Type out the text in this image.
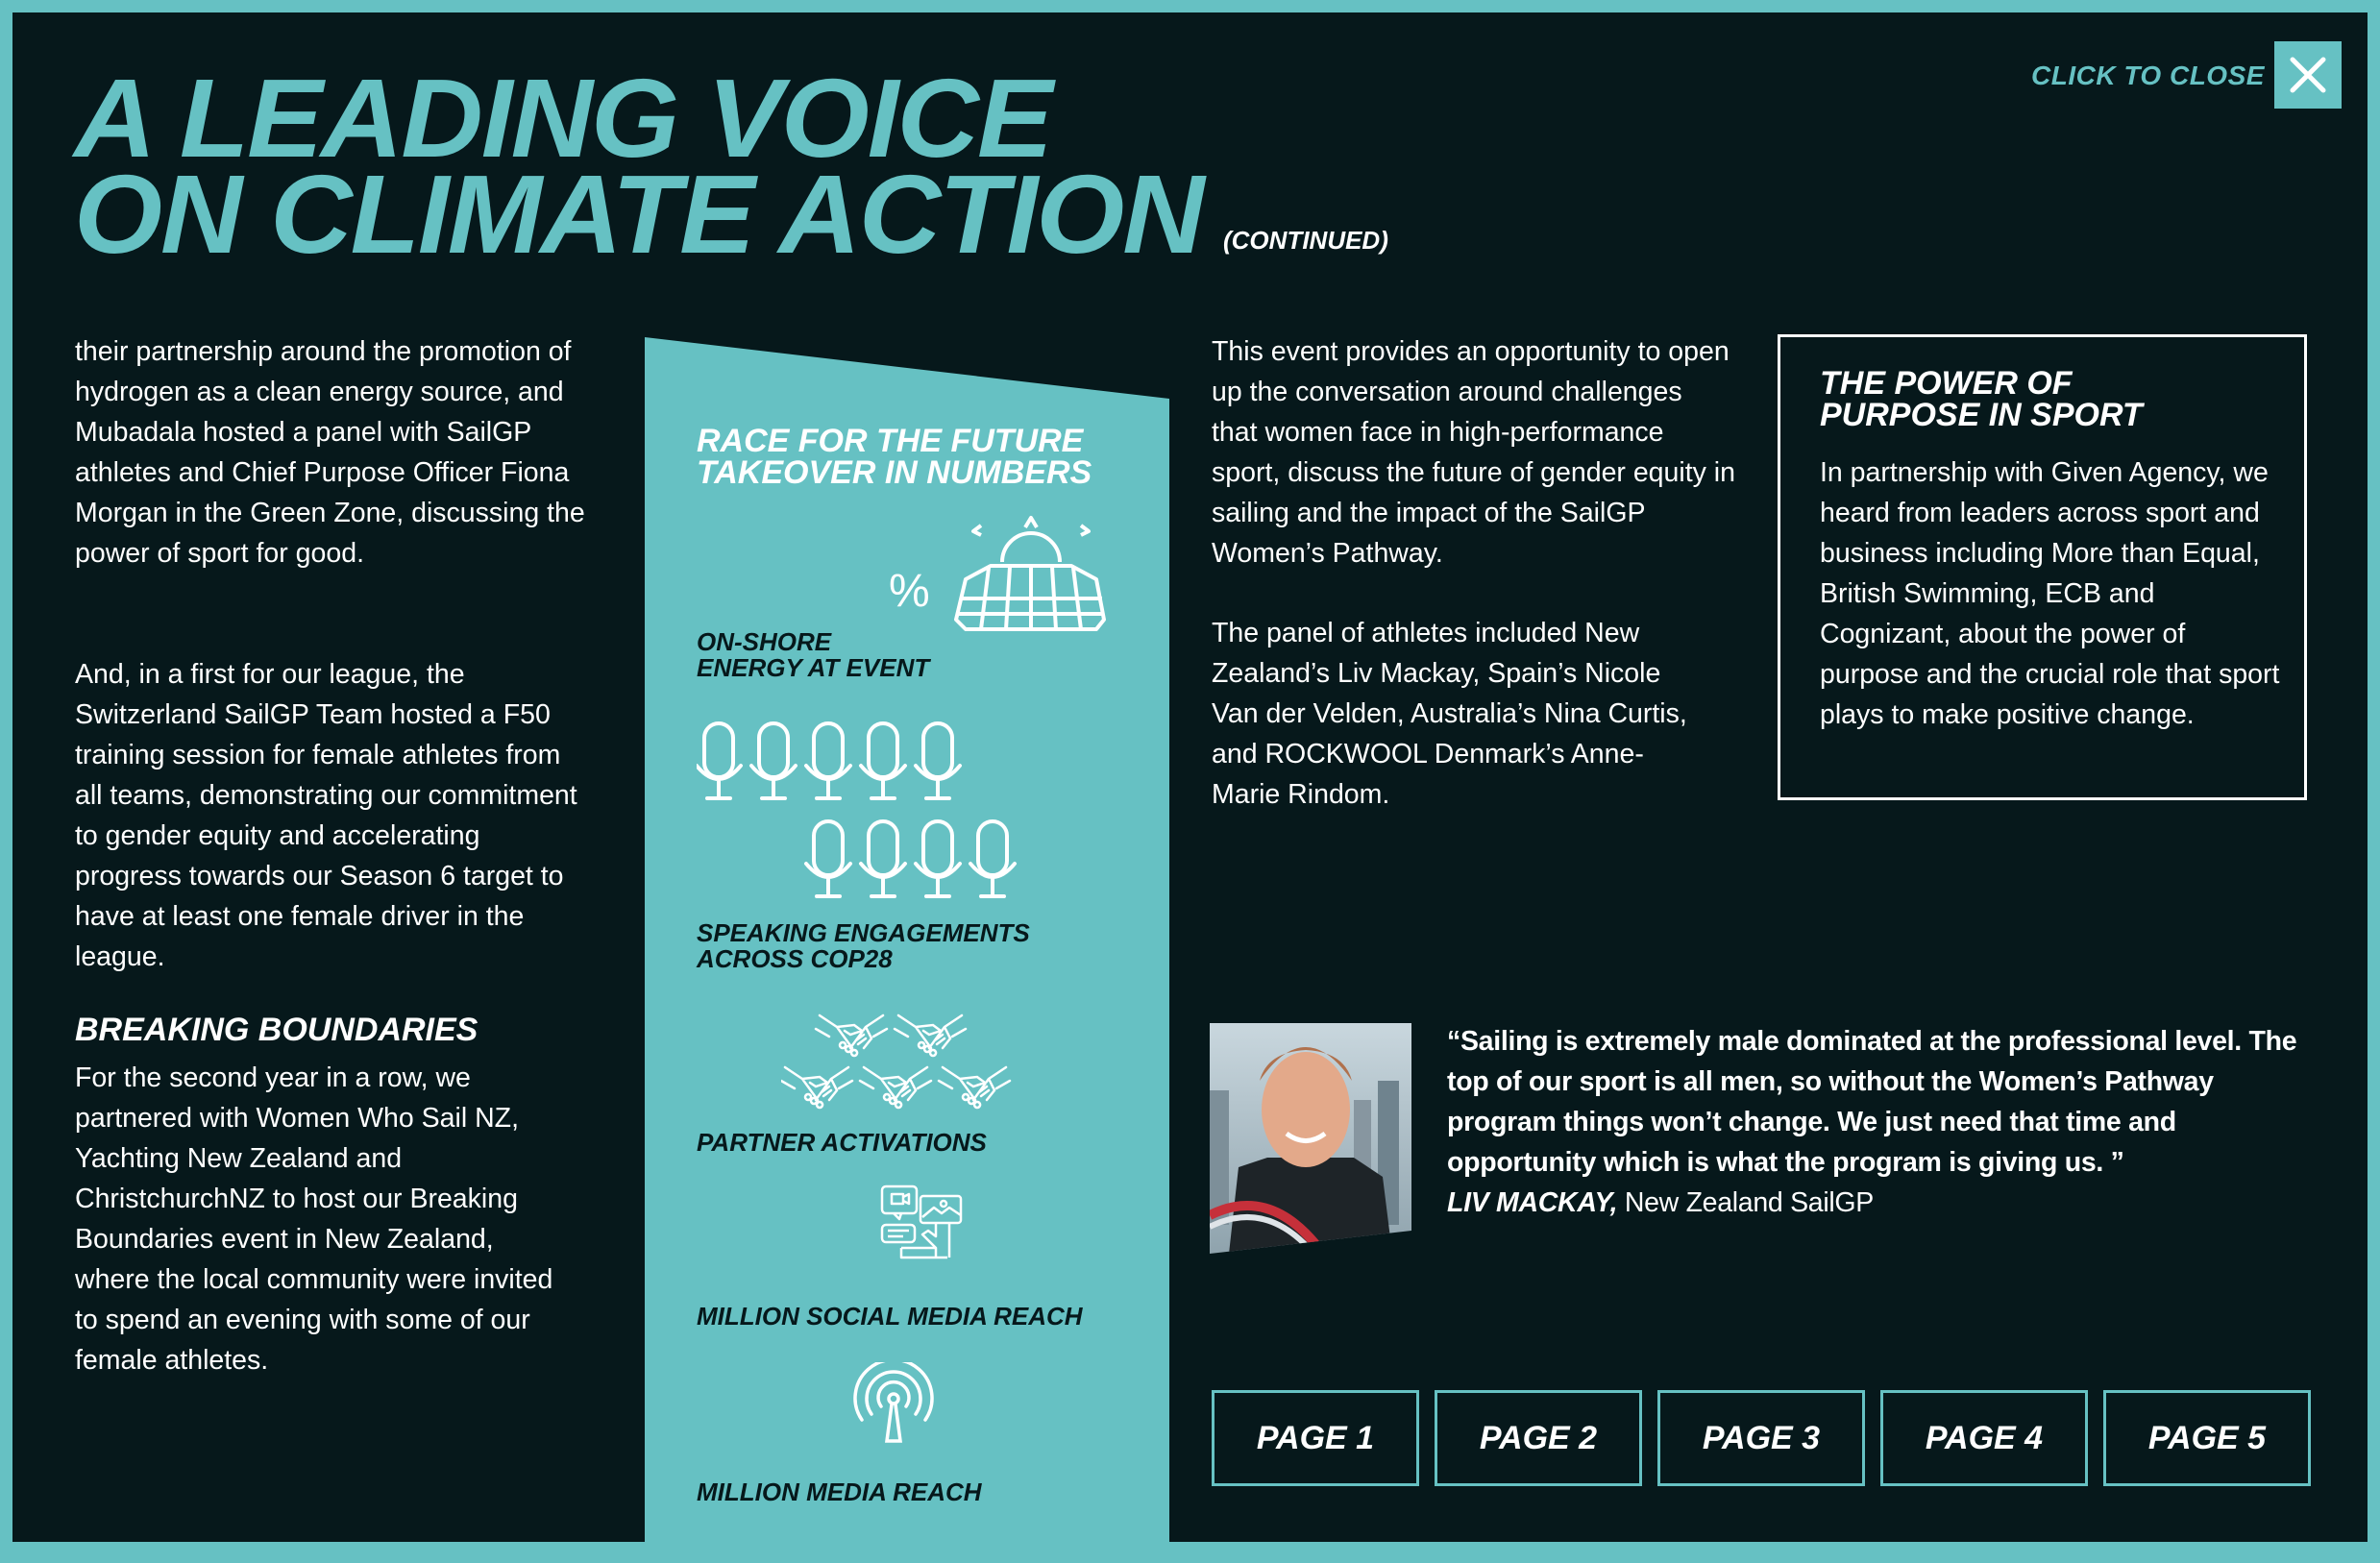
A LEADING VOICE
ON CLIMATE ACTION (CONTINUED)
CLICK TO CLOSE
their partnership around the promotion of hydrogen as a clean energy source, and Mubadala hosted a panel with SailGP athletes and Chief Purpose Officer Fiona Morgan in the Green Zone, discussing the power of sport for good.
And, in a first for our league, the Switzerland SailGP Team hosted a F50 training session for female athletes from all teams, demonstrating our commitment to gender equity and accelerating progress towards our Season 6 target to have at least one female driver in the league.
BREAKING BOUNDARIES
For the second year in a row, we partnered with Women Who Sail NZ, Yachting New Zealand and ChristchurchNZ to host our Breaking Boundaries event in New Zealand, where the local community were invited to spend an evening with some of our female athletes.
RACE FOR THE FUTURE
TAKEOVER IN NUMBERS
%
ON-SHORE
ENERGY AT EVENT
SPEAKING ENGAGEMENTS
ACROSS COP28
PARTNER ACTIVATIONS
MILLION SOCIAL MEDIA REACH
MILLION MEDIA REACH
This event provides an opportunity to open up the conversation around challenges that women face in high-performance sport, discuss the future of gender equity in sailing and the impact of the SailGP Women’s Pathway.
The panel of athletes included New Zealand’s Liv Mackay, Spain’s Nicole Van der Velden, Australia’s Nina Curtis, and ROCKWOOL Denmark’s Anne-Marie Rindom.
THE POWER OF
PURPOSE IN SPORT
In partnership with Given Agency, we heard from leaders across sport and business including More than Equal, British Swimming, ECB and Cognizant, about the power of purpose and the crucial role that sport plays to make positive change.
“Sailing is extremely male dominated at the professional level. The top of our sport is all men, so without the Women’s Pathway program things won’t change. We just need that time and opportunity which is what the program is giving us. ”
LIV MACKAY, New Zealand SailGP
PAGE 1	PAGE 2	PAGE 3	PAGE 4	PAGE 5
